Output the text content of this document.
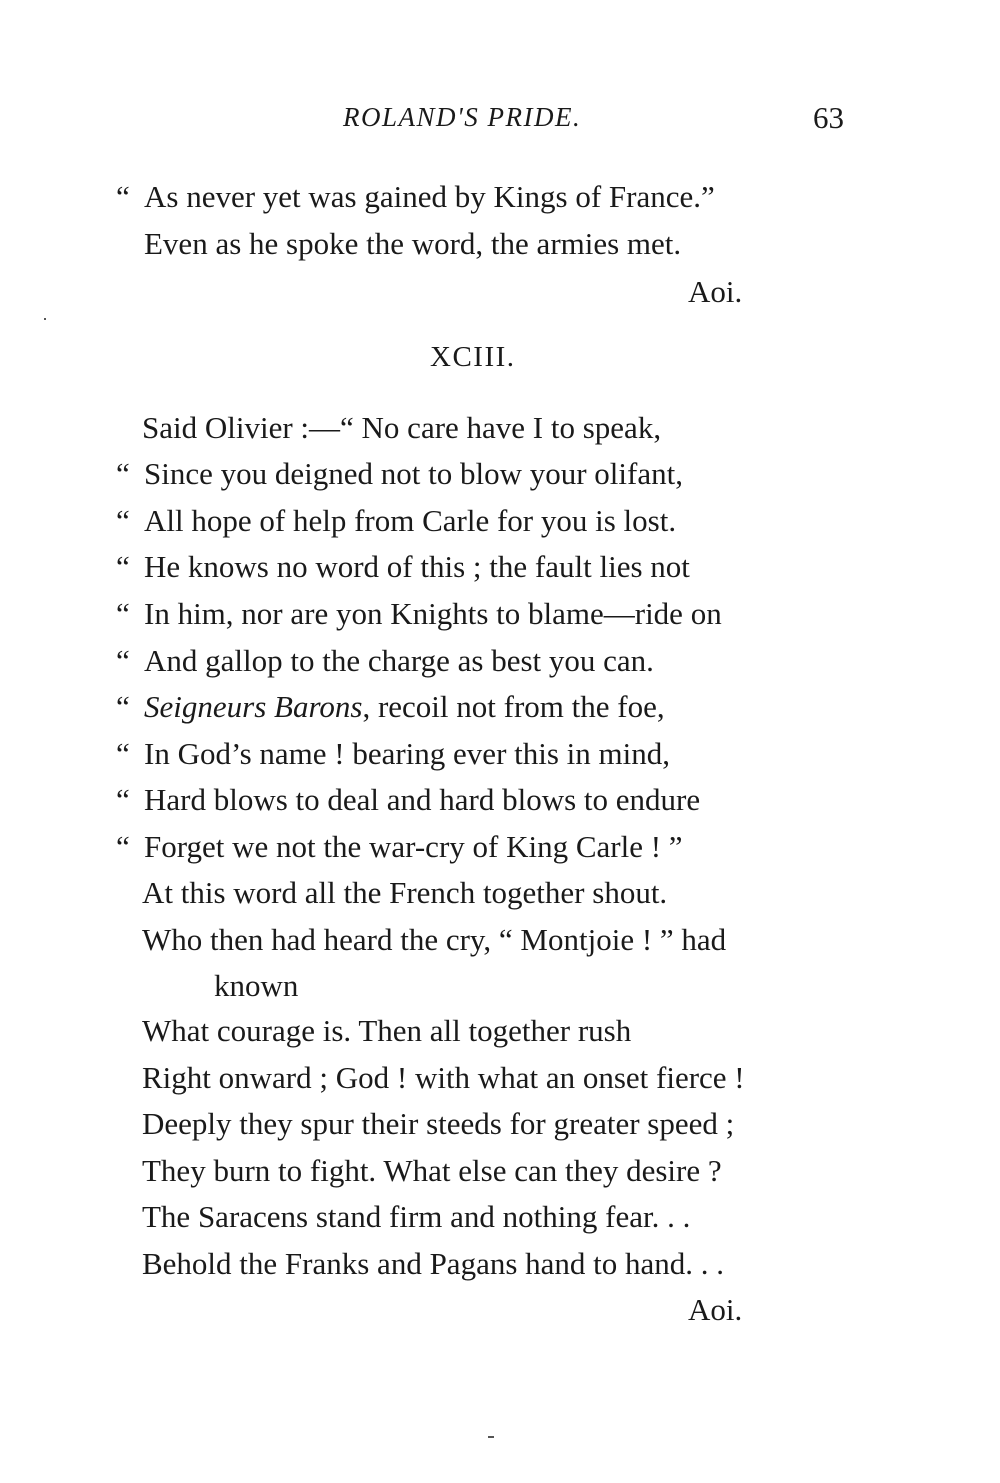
ROLAND'S PRIDE.	63
“ As never yet was gained by Kings of France.”
Even as he spoke the word, the armies met.
Aoi.
XCIII.
Said Olivier :—“ No care have I to speak,
“ Since you deigned not to blow your olifant,
“ All hope of help from Carle for you is lost.
“ He knows no word of this ; the fault lies not
“ In him, nor are yon Knights to blame—ride on
“ And gallop to the charge as best you can.
“ Seigneurs Barons, recoil not from the foe,
“ In God’s name ! bearing ever this in mind,
“ Hard blows to deal and hard blows to endure
“ Forget we not the war-cry of King Carle ! ”
At this word all the French together shout.
Who then had heard the cry, “ Montjoie ! ” had
known
What courage is. Then all together rush
Right onward ; God ! with what an onset fierce !
Deeply they spur their steeds for greater speed ;
They burn to fight. What else can they desire ?
The Saracens stand firm and nothing fear. . .
Behold the Franks and Pagans hand to hand. . .
Aoi.
